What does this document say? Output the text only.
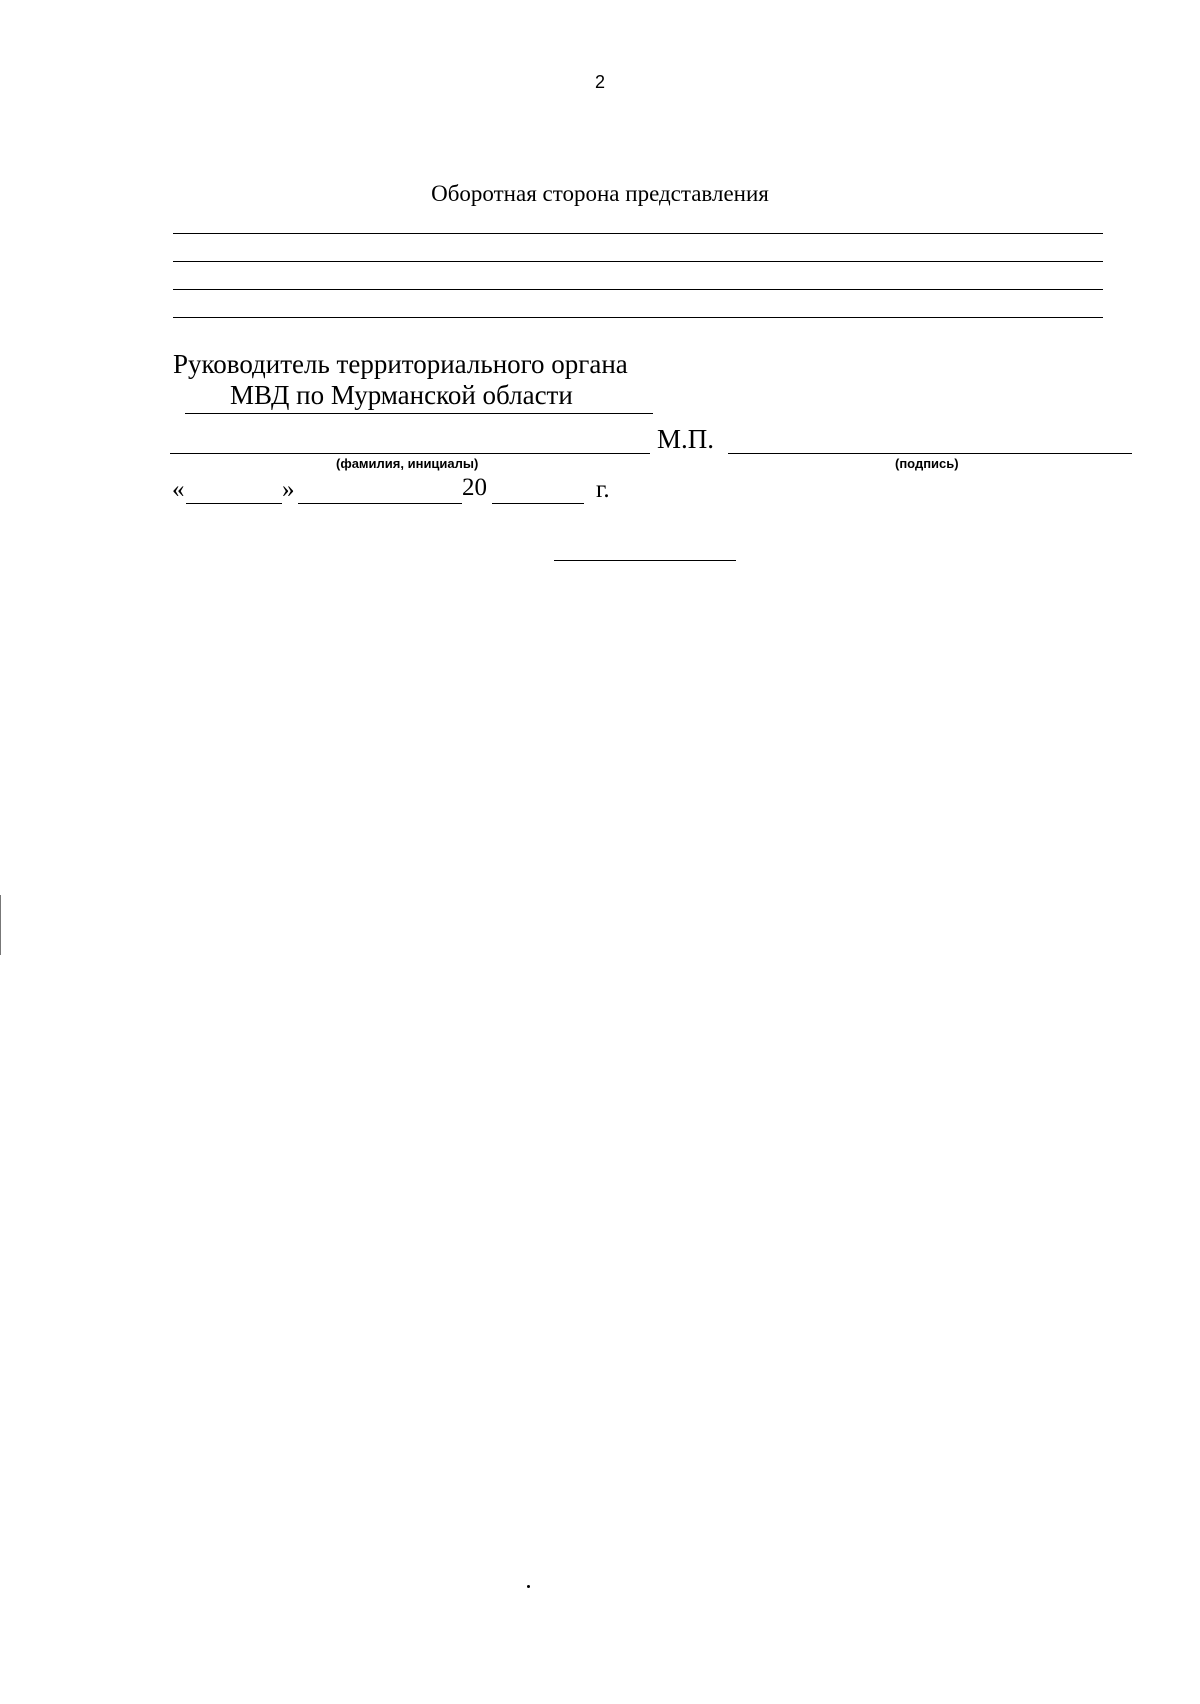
2
Оборотная сторона представления
Руководитель территориального органа
МВД по Мурманской области
М.П.
(фамилия, инициалы)	(подпись)
«	»	20	г.
